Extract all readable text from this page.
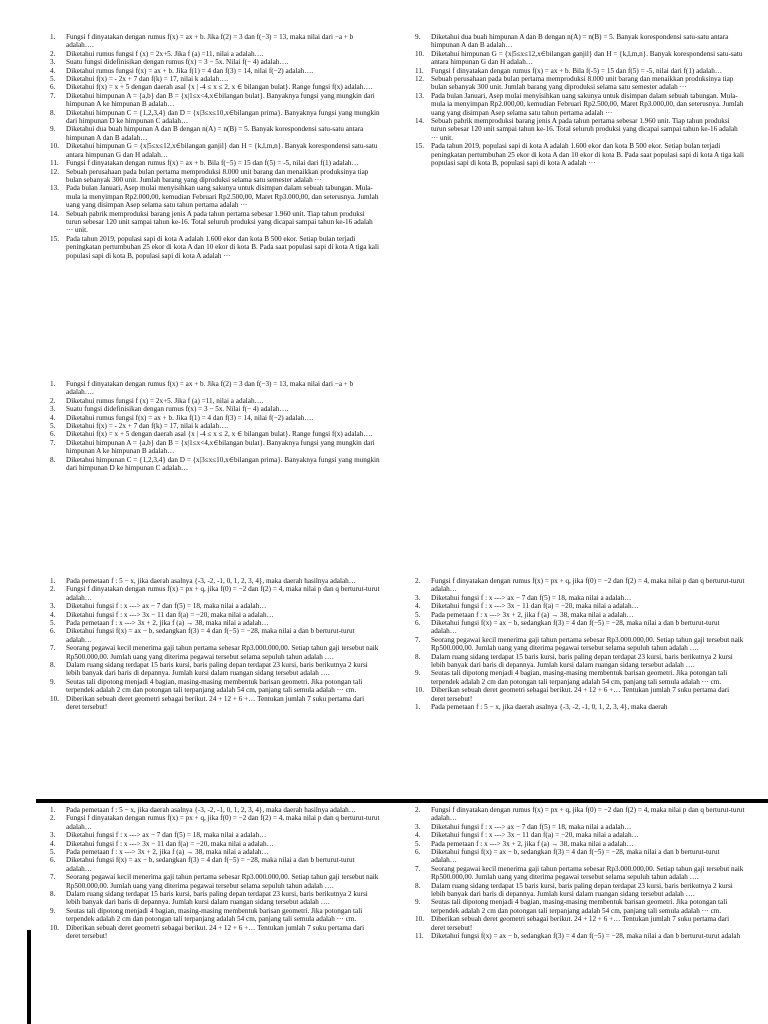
1.	Fungsi f dinyatakan dengan rumus f(x) = ax + b. Jika f(2) = 3 dan f(−3) = 13, maka nilai dari −a + b adalah….
2.	Diketahui rumus fungsi f (x) = 2x+5. Jika f (a) =11, nilai a adalah….
3.	Suatu fungsi didefinisikan dengan rumus f(x) = 3 − 5x. Nilai f(− 4) adalah….
4.	Diketahui rumus fungsi f(x) = ax + b. Jika f(1) = 4 dan f(3) = 14, nilai f(−2) adalah….
5.	Diketahui f(x) = - 2x + 7 dan f(k) = 17, nilai k adalah….
6.	Diketahui f(x) = x + 5 dengan daerah asal {x | -4 ≤ x ≤ 2, x ∈ bilangan bulat}. Range fungsi f(x) adalah….
7.	Diketahui himpunan A = {a,b} dan B = {x|1≤x<4,x∈bilangan bulat}. Banyaknya fungsi yang mungkin dari himpunan A ke himpunan B adalah…
8.	Diketahui himpunan C = {1,2,3,4} dan D = {x|3≤x≤10,x∈bilangan prima}. Banyaknya fungsi yang mungkin dari himpunan D ke himpunan C adalah…
9.	Diketahui dua buah himpunan A dan B dengan n(A) = n(B) = 5. Banyak korespondensi satu-satu antara himpunan A dan B adalah…
10. Diketahui himpunan G = {x|5≤x≤12,x∈bilangan ganjil} dan H = {k,l,m,n}. Banyak korespondensi satu-satu antara himpunan G dan H adalah…
11.	Fungsi f dinyatakan dengan rumus f(x) = ax + b. Bila f(−5) = 15 dan f(5) = -5, nilai dari f(1) adalah…
12. Sebuah perusahaan pada bulan pertama memproduksi 8.000 unit barang dan menaikkan produksinya tiap bulan sebanyak 300 unit. Jumlah barang yang diproduksi selama satu semester adalah ···
13. Pada bulan Januari, Asep mulai menyisihkan uang sakunya untuk disimpan dalam sebuah tabungan. Mula-mula ia menyimpan Rp2.000,00, kemudian Februari Rp2.500,00, Maret Rp3.000,00, dan seterusnya. Jumlah uang yang disimpan Asep selama satu tahun pertama adalah ···
14. Sebuah pabrik memproduksi barang jenis A pada tahun pertama sebesar 1.960 unit. Tiap tahun produksi turun sebesar 120 unit sampai tahun ke-16. Total seluruh produksi yang dicapai sampai tahun ke-16 adalah ··· unit.
15. Pada tahun 2019, populasi sapi di kota A adalah 1.600 ekor dan kota B 500 ekor. Setiap bulan terjadi peningkatan pertumbuhan 25 ekor di kota A dan 10 ekor di kota B. Pada saat populasi sapi di kota A tiga kali populasi sapi di kota B, populasi sapi di kota A adalah ···
9.	Diketahui dua buah himpunan A dan B dengan n(A) = n(B) = 5. Banyak korespondensi satu-satu antara himpunan A dan B adalah…
10. Diketahui himpunan G = {x|5≤x≤12,x∈bilangan ganjil} dan H = {k,l,m,n}. Banyak korespondensi satu-satu antara himpunan G dan H adalah…
11.	Fungsi f dinyatakan dengan rumus f(x) = ax + b. Bila f(-5) = 15 dan f(5) = -5, nilai dari f(1) adalah…
12. Sebuah perusahaan pada bulan pertama memproduksi 8.000 unit barang dan menaikkan produksinya tiap bulan sebanyak 300 unit. Jumlah barang yang diproduksi selama satu semester adalah ···
13. Pada bulan Januari, Asep mulai menyisihkan uang sakunya untuk disimpan dalam sebuah tabungan. Mula-mula ia menyimpan Rp2.000,00, kemudian Februari Rp2.500,00, Maret Rp3.000,00, dan seterusnya. Jumlah uang yang disimpan Asep selama satu tahun pertama adalah ···
14. Sebuah pabrik memproduksi barang jenis A pada tahun pertama sebesar 1.960 unit. Tiap tahun produksi turun sebesar 120 unit sampai tahun ke-16. Total seluruh produksi yang dicapai sampai tahun ke-16 adalah ··· unit.
15. Pada tahun 2019, populasi sapi di kota A adalah 1.600 ekor dan kota B 500 ekor. Setiap bulan terjadi peningkatan pertumbuhan 25 ekor di kota A dan 10 ekor di kota B. Pada saat populasi sapi di kota A tiga kali populasi sapi di kota B, populasi sapi di kota A adalah ···
1.	Fungsi f dinyatakan dengan rumus f(x) = ax + b. Jika f(2) = 3 dan f(−3) = 13, maka nilai dari −a + b adalah….
2.	Diketahui rumus fungsi f (x) = 2x+5. Jika f (a) =11, nilai a adalah….
3.	Suatu fungsi didefinisikan dengan rumus f(x) = 3 − 5x. Nilai f(− 4) adalah….
4.	Diketahui rumus fungsi f(x) = ax + b. Jika f(1) = 4 dan f(3) = 14, nilai f(−2) adalah….
5.	Diketahui f(x) = - 2x + 7 dan f(k) = 17, nilai k adalah….
6.	Diketahui f(x) = x + 5 dengan daerah asal {x | -4 ≤ x ≤ 2, x ∈ bilangan bulat}. Range fungsi f(x) adalah….
7.	Diketahui himpunan A = {a,b} dan B = {x|1≤x<4,x∈bilangan bulat}. Banyaknya fungsi yang mungkin dari himpunan A ke himpunan B adalah…
8.	Diketahui himpunan C = {1,2,3,4} dan D = {x|3≤x≤10,x∈bilangan prima}. Banyaknya fungsi yang mungkin dari himpunan D ke himpunan C adalah…
1.	Pada pemetaan f : 5 − x, jika daerah asalnya {-3, -2, -1, 0, 1, 2, 3, 4}, maka daerah hasilnya adalah…
2.	Fungsi f dinyatakan dengan rumus f(x) = px + q, jika f(0) = −2 dan f(2) = 4, maka nilai p dan q berturut-turut adalah…
3.	Diketahui fungsi f : x ---> ax − 7 dan f(5) = 18, maka nilai a adalah…
4.	Diketahui fungsi f : x ---> 3x − 11 dan f(a) = −20, maka nilai a adalah…
5.	Pada pemetaan f : x ---> 3x + 2, jika f (a) → 38, maka nilai a adalah…
6.	Diketahui fungsi f(x) = ax − b, sedangkan f(3) = 4 dan f(−5) = −28, maka nilai a dan b berturut-turut adalah…
7.	Seorang pegawai kecil menerima gaji tahun pertama sebesar Rp3.000.000,00. Setiap tahun gaji tersebut naik Rp500.000,00. Jumlah uang yang diterima pegawai tersebut selama sepuluh tahun adalah ….
8.	Dalam ruang sidang terdapat 15 baris kursi, baris paling depan terdapat 23 kursi, baris berikutnya 2 kursi lebih banyak dari baris di depannya. Jumlah kursi dalam ruangan sidang tersebut adalah ….
9.	Seutas tali dipotong menjadi 4 bagian, masing-masing membentuk barisan geometri. Jika potongan tali terpendek adalah 2 cm dan potongan tali terpanjang adalah 54 cm, panjang tali semula adalah ··· cm.
10. Diberikan sebuah deret geometri sebagai berikut. 24 + 12 + 6 +… Tentukan jumlah 7 suku pertama dari deret tersebut!
2.	Fungsi f dinyatakan dengan rumus f(x) = px + q, jika f(0) = −2 dan f(2) = 4, maka nilai p dan q berturut-turut adalah…
3.	Diketahui fungsi f : x ---> ax − 7 dan f(5) = 18, maka nilai a adalah…
4.	Diketahui fungsi f : x ---> 3x − 11 dan f(a) = −20, maka nilai a adalah…
5.	Pada pemetaan f : x ---> 3x + 2, jika f (a) → 38, maka nilai a adalah…
6.	Diketahui fungsi f(x) = ax − b, sedangkan f(3) = 4 dan f(−5) = −28, maka nilai a dan b berturut-turut adalah…
7.	Seorang pegawai kecil menerima gaji tahun pertama sebesar Rp3.000.000,00. Setiap tahun gaji tersebut naik Rp500.000,00. Jumlah uang yang diterima pegawai tersebut selama sepuluh tahun adalah ….
8.	Dalam ruang sidang terdapat 15 baris kursi, baris paling depan terdapat 23 kursi, baris berikutnya 2 kursi lebih banyak dari baris di depannya. Jumlah kursi dalam ruangan sidang tersebut adalah ….
9.	Seutas tali dipotong menjadi 4 bagian, masing-masing membentuk barisan geometri. Jika potongan tali terpendek adalah 2 cm dan potongan tali terpanjang adalah 54 cm, panjang tali semula adalah ··· cm.
10. Diberikan sebuah deret geometri sebagai berikut. 24 + 12 + 6 +… Tentukan jumlah 7 suku pertama dari deret tersebut!
1.	Pada pemetaan f : 5 − x, jika daerah asalnya {-3, -2, -1, 0, 1, 2, 3, 4}, maka daerah
1.	Pada pemetaan f : 5 − x, jika daerah asalnya {-3, -2, -1, 0, 1, 2, 3, 4}, maka daerah hasilnya adalah…
2.	Fungsi f dinyatakan dengan rumus f(x) = px + q, jika f(0) = −2 dan f(2) = 4, maka nilai p dan q berturut-turut adalah…
3.	Diketahui fungsi f : x ---> ax − 7 dan f(5) = 18, maka nilai a adalah…
4.	Diketahui fungsi f : x ---> 3x − 11 dan f(a) = −20, maka nilai a adalah…
5.	Pada pemetaan f : x ---> 3x + 2, jika f (a) → 38, maka nilai a adalah…
6.	Diketahui fungsi f(x) = ax − b, sedangkan f(3) = 4 dan f(−5) = −28, maka nilai a dan b berturut-turut adalah…
7.	Seorang pegawai kecil menerima gaji tahun pertama sebesar Rp3.000.000,00. Setiap tahun gaji tersebut naik Rp500.000,00. Jumlah uang yang diterima pegawai tersebut selama sepuluh tahun adalah ….
8.	Dalam ruang sidang terdapat 15 baris kursi, baris paling depan terdapat 23 kursi, baris berikutnya 2 kursi lebih banyak dari baris di depannya. Jumlah kursi dalam ruangan sidang tersebut adalah ….
9.	Seutas tali dipotong menjadi 4 bagian, masing-masing membentuk barisan geometri. Jika potongan tali terpendek adalah 2 cm dan potongan tali terpanjang adalah 54 cm, panjang tali semula adalah ··· cm.
10. Diberikan sebuah deret geometri sebagai berikut. 24 + 12 + 6 +… Tentukan jumlah 7 suku pertama dari deret tersebut!
2.	Fungsi f dinyatakan dengan rumus f(x) = px + q, jika f(0) = −2 dan f(2) = 4, maka nilai p dan q berturut-turut adalah…
3.	Diketahui fungsi f : x ---> ax − 7 dan f(5) = 18, maka nilai a adalah…
4.	Diketahui fungsi f : x ---> 3x − 11 dan f(a) = −20, maka nilai a adalah…
5.	Pada pemetaan f : x ---> 3x + 2, jika f (a) → 38, maka nilai a adalah…
6.	Diketahui fungsi f(x) = ax − b, sedangkan f(3) = 4 dan f(−5) = −28, maka nilai a dan b berturut-turut adalah…
7.	Seorang pegawai kecil menerima gaji tahun pertama sebesar Rp3.000.000,00. Setiap tahun gaji tersebut naik Rp500.000,00. Jumlah uang yang diterima pegawai tersebut selama sepuluh tahun adalah ….
8.	Dalam ruang sidang terdapat 15 baris kursi, baris paling depan terdapat 23 kursi, baris berikutnya 2 kursi lebih banyak dari baris di depannya. Jumlah kursi dalam ruangan sidang tersebut adalah ….
9.	Seutas tali dipotong menjadi 4 bagian, masing-masing membentuk barisan geometri. Jika potongan tali terpendek adalah 2 cm dan potongan tali terpanjang adalah 54 cm, panjang tali semula adalah ··· cm.
10. Diberikan sebuah deret geometri sebagai berikut. 24 + 12 + 6 +… Tentukan jumlah 7 suku pertama dari deret tersebut!
11.	Diketahui fungsi f(x) = ax − b, sedangkan f(3) = 4 dan f(−5) = −28, maka nilai a dan b berturut-turut adalah
